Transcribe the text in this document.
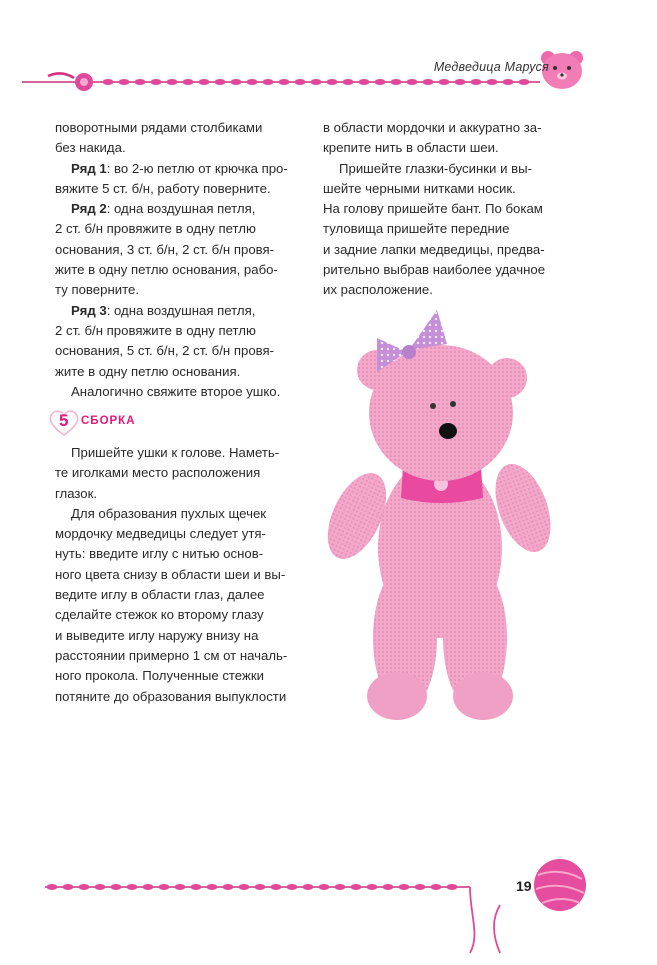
Медведица Маруся

поворотными рядами столбиками

без накида.

Ряд 1: во 2-ю петлю от крючка про-

вяжите 5 ст. б/н, работу поверните.

Ряд 2: одна воздушная петля,

2 ст. б/н провяжите в одну петлю

основания, 3 ст. б/н, 2 ст. б/н провя-

жите в одну петлю основания, рабо-

ту поверните.

Ряд 3: одна воздушная петля,

2 ст. б/н провяжите в одну петлю

основания, 5 ст. б/н, 2 ст. б/н провя-

жите в одну петлю основания.

Аналогично свяжите второе ушко.

5 СБОРКА

Пришейте ушки к голове. Наметь-

те иголками место расположения

глазок.

Для образования пухлых щечек

мордочку медведицы следует утя-

нуть: введите иглу с нитью основ-

ного цвета снизу в области шеи и вы-

ведите иглу в области глаз, далее

сделайте стежок ко второму глазу

и выведите иглу наружу внизу на

расстоянии примерно 1 см от началь-

ного прокола. Полученные стежки

потяните до образования выпуклости

в области мордочки и аккуратно за-

крепите нить в области шеи.

Пришейте глазки-бусинки и вы-

шейте черными нитками носик.

На голову пришейте бант. По бокам

туловища пришейте передние

и задние лапки медведицы, предва-

рительно выбрав наиболее удачное

их расположение.

19
